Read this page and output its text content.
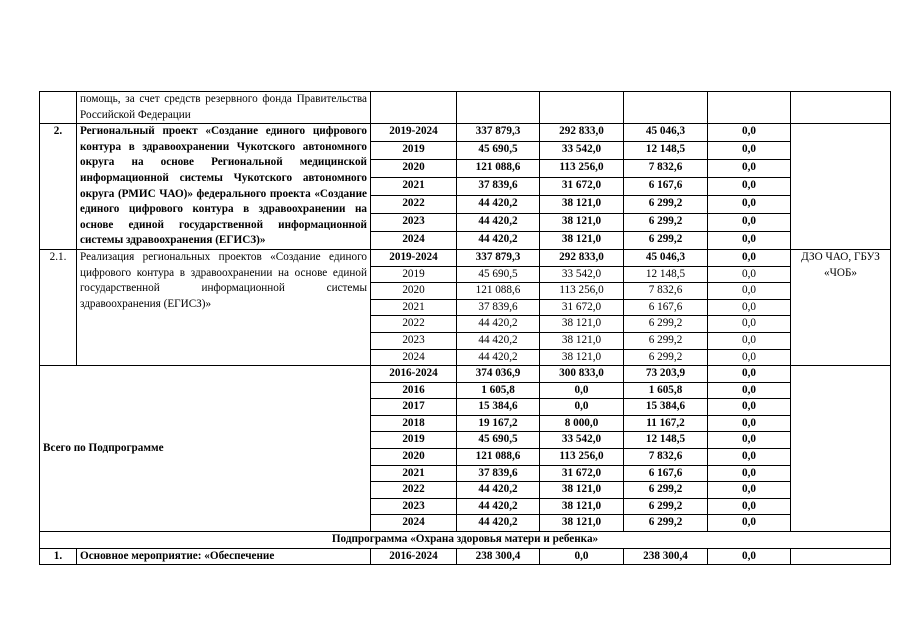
	помощь, за счет средств резервного фонда Правительства Российской Федерации						
2.	Региональный проект «Создание единого цифрового контура в здравоохранении Чукотского автономного округа на основе Региональной медицинской информационной системы Чукотского автономного округа (РМИС ЧАО)» федерального проекта «Создание единого цифрового контура в здравоохранении на основе единой государственной информационной системы здравоохранения (ЕГИСЗ)»	2019-2024	337 879,3	292 833,0	45 046,3	0,0	
		2019	45 690,5	33 542,0	12 148,5	0,0	
		2020	121 088,6	113 256,0	7 832,6	0,0	
		2021	37 839,6	31 672,0	6 167,6	0,0	
		2022	44 420,2	38 121,0	6 299,2	0,0	
		2023	44 420,2	38 121,0	6 299,2	0,0	
		2024	44 420,2	38 121,0	6 299,2	0,0	
2.1.	Реализация региональных проектов «Создание единого цифрового контура в здравоохранении на основе единой государственной информационной системы здравоохранения (ЕГИСЗ)»	2019-2024	337 879,3	292 833,0	45 046,3	0,0	ДЗО ЧАО, ГБУЗ «ЧОБ»
		2019	45 690,5	33 542,0	12 148,5	0,0	
		2020	121 088,6	113 256,0	7 832,6	0,0	
		2021	37 839,6	31 672,0	6 167,6	0,0	
		2022	44 420,2	38 121,0	6 299,2	0,0	
		2023	44 420,2	38 121,0	6 299,2	0,0	
		2024	44 420,2	38 121,0	6 299,2	0,0	
Всего по Подпрограмме		2016-2024	374 036,9	300 833,0	73 203,9	0,0	
		2016	1 605,8	0,0	1 605,8	0,0	
		2017	15 384,6	0,0	15 384,6	0,0	
		2018	19 167,2	8 000,0	11 167,2	0,0	
		2019	45 690,5	33 542,0	12 148,5	0,0	
		2020	121 088,6	113 256,0	7 832,6	0,0	
		2021	37 839,6	31 672,0	6 167,6	0,0	
		2022	44 420,2	38 121,0	6 299,2	0,0	
		2023	44 420,2	38 121,0	6 299,2	0,0	
		2024	44 420,2	38 121,0	6 299,2	0,0	
Подпрограмма «Охрана здоровья матери и ребенка»							
1.	Основное мероприятие: «Обеспечение	2016-2024	238 300,4	0,0	238 300,4	0,0	
